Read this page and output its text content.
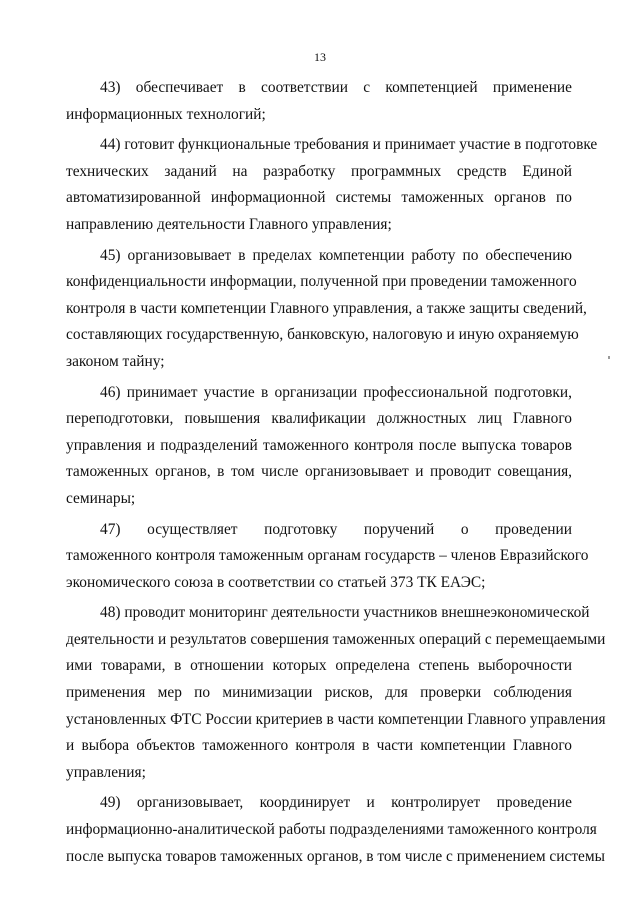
13

43) обеспечивает в соответствии с компетенцией применение
информационных технологий;

44) готовит функциональные требования и принимает участие в подготовке
технических заданий на разработку программных средств Единой
автоматизированной информационной системы таможенных органов по
направлению деятельности Главного управления;

45) организовывает в пределах компетенции работу по обеспечению
конфиденциальности информации, полученной при проведении таможенного
контроля в части компетенции Главного управления, а также защиты сведений,
составляющих государственную, банковскую, налоговую и иную охраняемую
законом тайну;

46) принимает участие в организации профессиональной подготовки,
переподготовки, повышения квалификации должностных лиц Главного
управления и подразделений таможенного контроля после выпуска товаров
таможенных органов, в том числе организовывает и проводит совещания,
семинары;

47) осуществляет подготовку поручений о проведении
таможенного контроля таможенным органам государств – членов Евразийского
экономического союза в соответствии со статьей 373 ТК ЕАЭС;

48) проводит мониторинг деятельности участников внешнеэкономической
деятельности и результатов совершения таможенных операций с перемещаемыми
ими товарами, в отношении которых определена степень выборочности
применения мер по минимизации рисков, для проверки соблюдения
установленных ФТС России критериев в части компетенции Главного управления
и выбора объектов таможенного контроля в части компетенции Главного
управления;

49) организовывает, координирует и контролирует проведение
информационно-аналитической работы подразделениями таможенного контроля
после выпуска товаров таможенных органов, в том числе с применением системы
